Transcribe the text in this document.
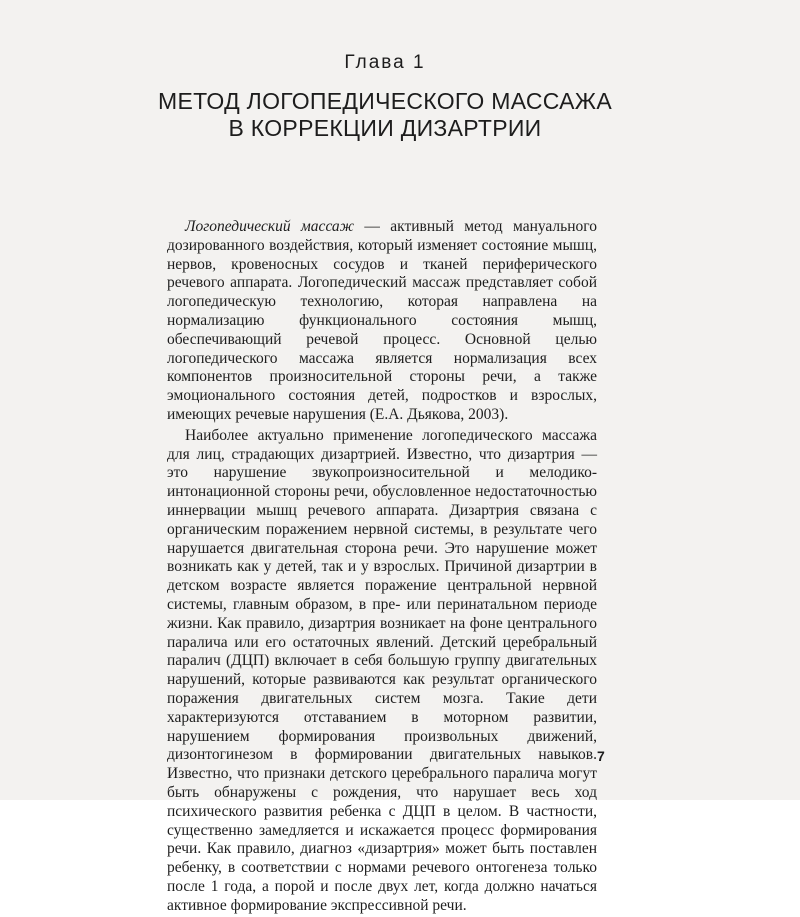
Глава 1
МЕТОД ЛОГОПЕДИЧЕСКОГО МАССАЖА
В КОРРЕКЦИИ ДИЗАРТРИИ

Логопедический массаж — активный метод мануального дозированного воздействия, который изменяет состояние мышц, нервов, кровеносных сосудов и тканей периферического речевого аппарата. Логопедический массаж представляет собой логопедическую технологию, которая направлена на нормализацию функционального состояния мышц, обеспечивающий речевой процесс. Основной целью логопедического массажа является нормализация всех компонентов произносительной стороны речи, а также эмоционального состояния детей, подростков и взрослых, имеющих речевые нарушения (Е.А. Дьякова, 2003).

Наиболее актуально применение логопедического массажа для лиц, страдающих дизартрией. Известно, что дизартрия — это нарушение звукопроизносительной и мелодико-интонационной стороны речи, обусловленное недостаточностью иннервации мышц речевого аппарата. Дизартрия связана с органическим поражением нервной системы, в результате чего нарушается двигательная сторона речи. Это нарушение может возникать как у детей, так и у взрослых. Причиной дизартрии в детском возрасте является поражение центральной нервной системы, главным образом, в пре- или перинатальном периоде жизни. Как правило, дизартрия возникает на фоне центрального паралича или его остаточных явлений. Детский церебральный паралич (ДЦП) включает в себя большую группу двигательных нарушений, которые развиваются как результат органического поражения двигательных систем мозга. Такие дети характеризуются отставанием в моторном развитии, нарушением формирования произвольных движений, дизонтогинезом в формировании двигательных навыков. Известно, что признаки детского церебрального паралича могут быть обнаружены с рождения, что нарушает весь ход психического развития ребенка с ДЦП в целом. В частности, существенно замедляется и искажается процесс формирования речи. Как правило, диагноз «дизартрия» может быть поставлен ребенку, в соответствии с нормами речевого онтогенеза только после 1 года, а порой и после двух лет, когда должно начаться активное формирование экспрессивной речи.

7
